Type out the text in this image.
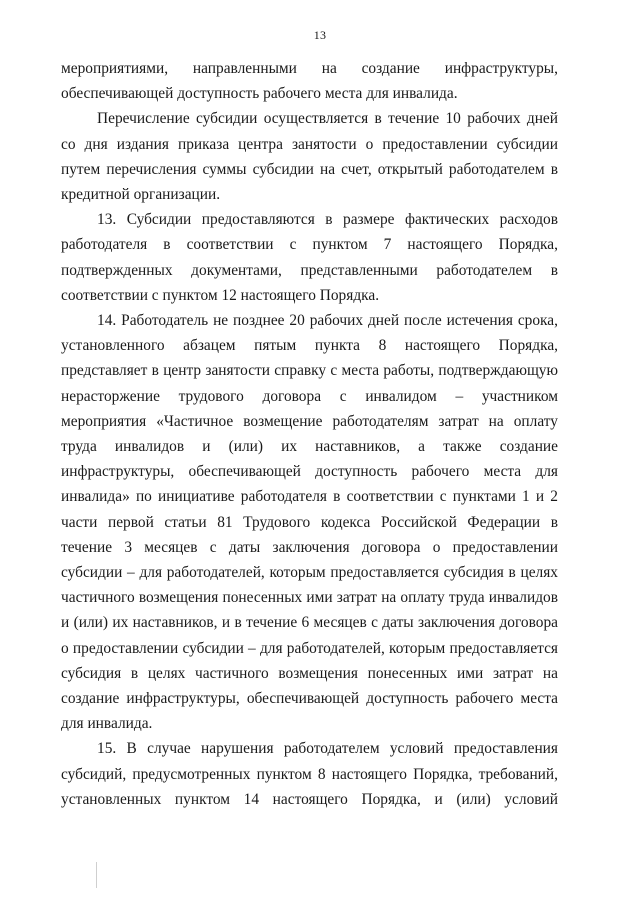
13

мероприятиями, направленными на создание инфраструктуры,
обеспечивающей доступность рабочего места для инвалида.

Перечисление субсидии осуществляется в течение 10 рабочих дней
со дня издания приказа центра занятости о предоставлении субсидии
путем перечисления суммы субсидии на счет, открытый работодателем в
кредитной организации.

13. Субсидии предоставляются в размере фактических расходов
работодателя в соответствии с пунктом 7 настоящего Порядка,
подтвержденных документами, представленными работодателем в
соответствии с пунктом 12 настоящего Порядка.

14. Работодатель не позднее 20 рабочих дней после истечения срока,
установленного абзацем пятым пункта 8 настоящего Порядка,
представляет в центр занятости справку с места работы, подтверждающую
нерасторжение трудового договора с инвалидом – участником
мероприятия «Частичное возмещение работодателям затрат на оплату
труда инвалидов и (или) их наставников, а также создание
инфраструктуры, обеспечивающей доступность рабочего места для
инвалида» по инициативе работодателя в соответствии с пунктами 1 и 2
части первой статьи 81 Трудового кодекса Российской Федерации в
течение 3 месяцев с даты заключения договора о предоставлении
субсидии – для работодателей, которым предоставляется субсидия в целях
частичного возмещения понесенных ими затрат на оплату труда инвалидов
и (или) их наставников, и в течение 6 месяцев с даты заключения договора
о предоставлении субсидии – для работодателей, которым предоставляется
субсидия в целях частичного возмещения понесенных ими затрат на
создание инфраструктуры, обеспечивающей доступность рабочего места
для инвалида.

15. В случае нарушения работодателем условий предоставления
субсидий, предусмотренных пунктом 8 настоящего Порядка, требований,
установленных пунктом 14 настоящего Порядка, и (или) условий
